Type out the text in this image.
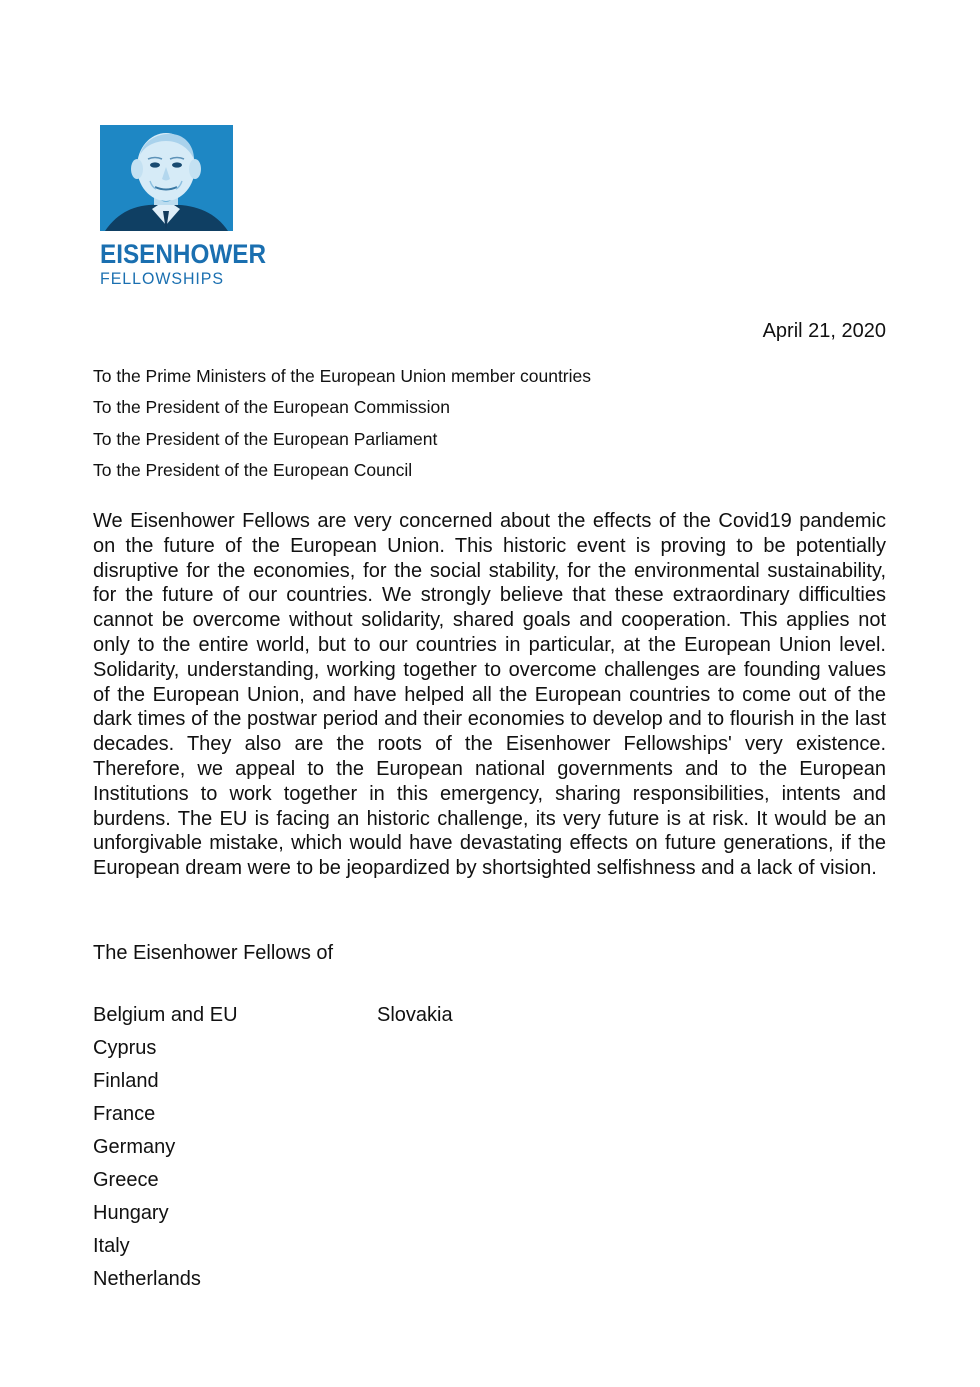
EISENHOWER
FELLOWSHIPS
April 21, 2020
To the Prime Ministers of the European Union member countries
To the President of the European Commission
To the President of the European Parliament
To the President of the European Council

We Eisenhower Fellows are very concerned about the effects of the Covid19 pandemic on the future of the European Union. This historic event is proving to be potentially disruptive for the economies, for the social stability, for the environmental sustainability, for the future of our countries. We strongly believe that these extraordinary difficulties cannot be overcome without solidarity, shared goals and cooperation. This applies not only to the entire world, but to our countries in particular, at the European Union level. Solidarity, understanding, working together to overcome challenges are founding values of the European Union, and have helped all the European countries to come out of the dark times of the postwar period and their economies to develop and to flourish in the last decades. They also are the roots of the Eisenhower Fellowships' very existence. Therefore, we appeal to the European national governments and to the European Institutions to work together in this emergency, sharing responsibilities, intents and burdens. The EU is facing an historic challenge, its very future is at risk. It would be an unforgivable mistake, which would have devastating effects on future generations, if the European dream were to be jeopardized by shortsighted selfishness and a lack of vision.

The Eisenhower Fellows of
Belgium and EU
Cyprus
Finland
France
Germany
Greece
Hungary
Italy
Netherlands
Slovakia
